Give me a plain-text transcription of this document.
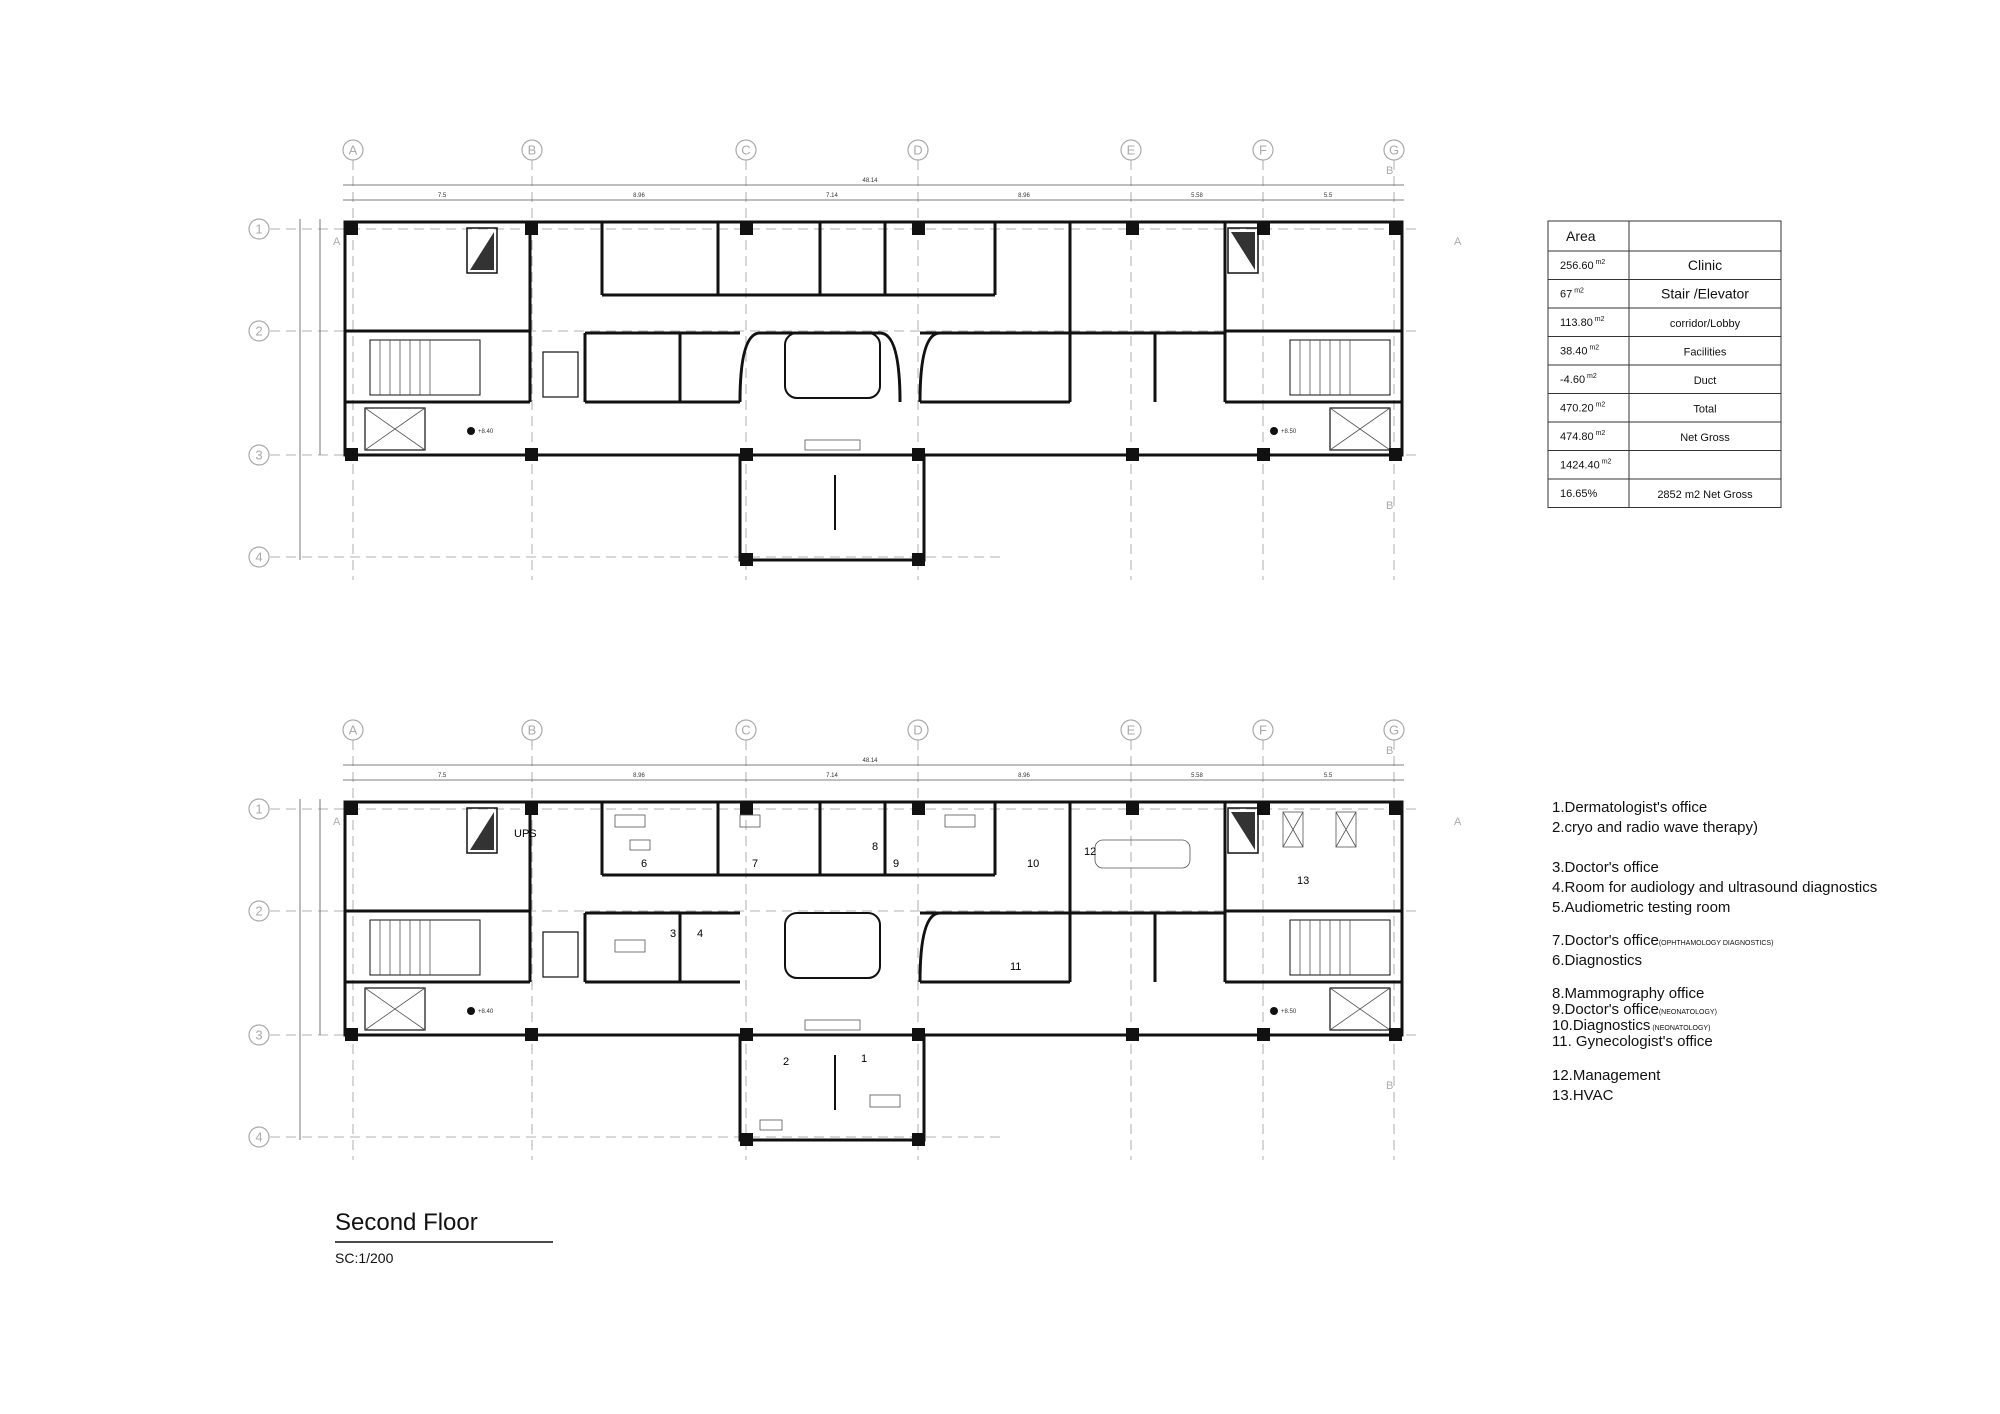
48.14
7.5	8.96	7.14	8.96	5.58	5.5
A	B	C	D	E	F	G
1
2
3
4
A
A
B
B
+8.40	+8.50
48.14
7.5	8.96	7.14	8.96	5.58	5.5
1
2
3 4
6	7
8
9	10
11
12
13
UPS
A	B	C	D	E	F	G
1
2
3
4
A
A
B
B
+8.40	+8.50
Area
256.60 $^{m2}$	Clinic
67 $^{m2}$	Stair /Elevator
113.80 $^{m2}$	corridor/Lobby
38.40 $^{m2}$	Facilities
-4.60 $^{m2}$	Duct
470.20 $^{m2}$	Total
474.80 $^{m2}$	Net Gross
1424.40 $^{m2}$
16.65%	2852 m2 Net Gross
1.Dermatologist's office
2.cryo and radio wave therapy)
3.Doctor's office
4.Room for audiology and ultrasound diagnostics
5.Audiometric testing room
7.Doctor's office(OPHTHAMOLOGY DIAGNOSTICS)
6.Diagnostics
8.Mammography office
9.Doctor's office(NEONATOLOGY)
10.Diagnostics (NEONATOLOGY)
11. Gynecologist's office
12.Management
13.HVAC
Second Floor
SC:1/200
